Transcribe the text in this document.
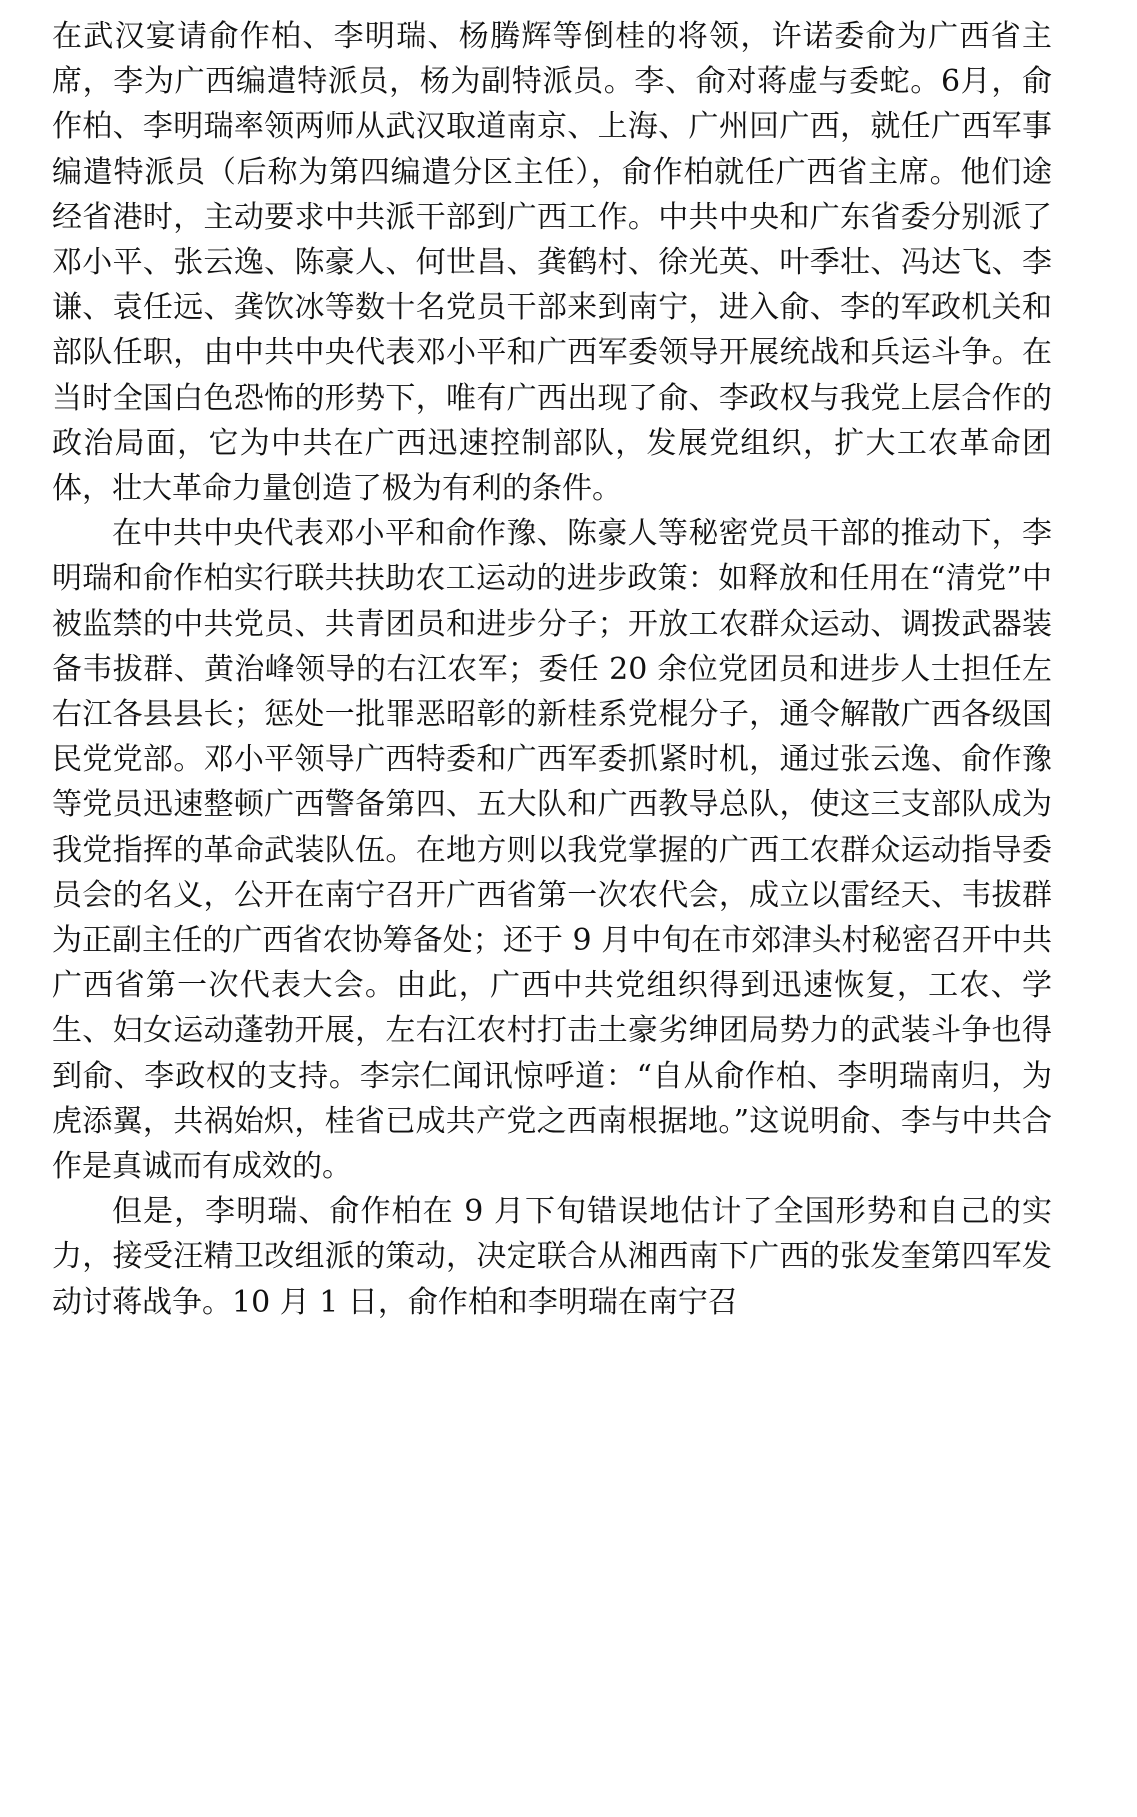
在武汉宴请俞作柏、李明瑞、杨腾辉等倒桂的将领，许诺委俞为广西省主席，李为广西编遣特派员，杨为副特派员。李、俞对蒋虚与委蛇。6月，俞作柏、李明瑞率领两师从武汉取道南京、上海、广州回广西，就任广西军事编遣特派员（后称为第四编遣分区主任），俞作柏就任广西省主席。他们途经省港时，主动要求中共派干部到广西工作。中共中央和广东省委分别派了邓小平、张云逸、陈豪人、何世昌、龚鹤村、徐光英、叶季壮、冯达飞、李谦、袁任远、龚饮冰等数十名党员干部来到南宁，进入俞、李的军政机关和部队任职，由中共中央代表邓小平和广西军委领导开展统战和兵运斗争。在当时全国白色恐怖的形势下，唯有广西出现了俞、李政权与我党上层合作的政治局面，它为中共在广西迅速控制部队，发展党组织，扩大工农革命团体，壮大革命力量创造了极为有利的条件。

在中共中央代表邓小平和俞作豫、陈豪人等秘密党员干部的推动下，李明瑞和俞作柏实行联共扶助农工运动的进步政策：如释放和任用在“清党”中被监禁的中共党员、共青团员和进步分子；开放工农群众运动、调拨武器装备韦拔群、黄治峰领导的右江农军；委任 20 余位党团员和进步人士担任左右江各县县长；惩处一批罪恶昭彰的新桂系党棍分子，通令解散广西各级国民党党部。邓小平领导广西特委和广西军委抓紧时机，通过张云逸、俞作豫等党员迅速整顿广西警备第四、五大队和广西教导总队，使这三支部队成为我党指挥的革命武装队伍。在地方则以我党掌握的广西工农群众运动指导委员会的名义，公开在南宁召开广西省第一次农代会，成立以雷经天、韦拔群为正副主任的广西省农协筹备处；还于 9 月中旬在市郊津头村秘密召开中共广西省第一次代表大会。由此，广西中共党组织得到迅速恢复，工农、学生、妇女运动蓬勃开展，左右江农村打击土豪劣绅团局势力的武装斗争也得到俞、李政权的支持。李宗仁闻讯惊呼道：“自从俞作柏、李明瑞南归，为虎添翼，共祸始炽，桂省已成共产党之西南根据地。”这说明俞、李与中共合作是真诚而有成效的。

但是，李明瑞、俞作柏在 9 月下旬错误地估计了全国形势和自己的实力，接受汪精卫改组派的策动，决定联合从湘西南下广西的张发奎第四军发动讨蒋战争。10 月 1 日，俞作柏和李明瑞在南宁召
